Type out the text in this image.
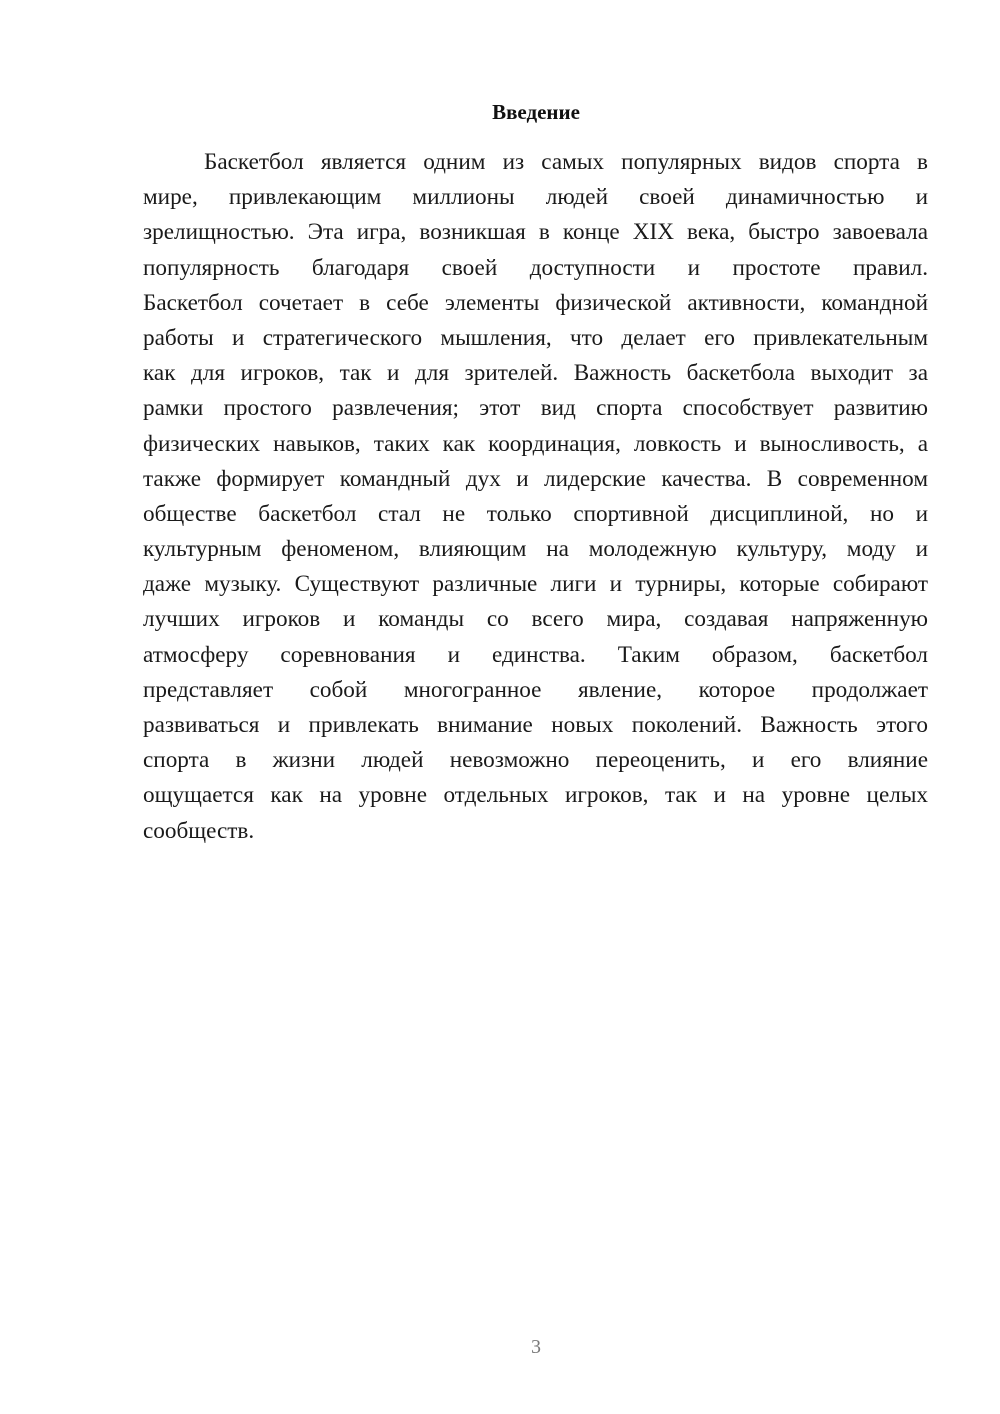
Введение
Баскетбол является одним из самых популярных видов спорта в
мире, привлекающим миллионы людей своей динамичностью и
зрелищностью. Эта игра, возникшая в конце XIX века, быстро завоевала
популярность благодаря своей доступности и простоте правил.
Баскетбол сочетает в себе элементы физической активности, командной
работы и стратегического мышления, что делает его привлекательным
как для игроков, так и для зрителей. Важность баскетбола выходит за
рамки простого развлечения; этот вид спорта способствует развитию
физических навыков, таких как координация, ловкость и выносливость, а
также формирует командный дух и лидерские качества. В современном
обществе баскетбол стал не только спортивной дисциплиной, но и
культурным феноменом, влияющим на молодежную культуру, моду и
даже музыку. Существуют различные лиги и турниры, которые собирают
лучших игроков и команды со всего мира, создавая напряженную
атмосферу соревнования и единства. Таким образом, баскетбол
представляет собой многогранное явление, которое продолжает
развиваться и привлекать внимание новых поколений. Важность этого
спорта в жизни людей невозможно переоценить, и его влияние
ощущается как на уровне отдельных игроков, так и на уровне целых
сообществ.
3
